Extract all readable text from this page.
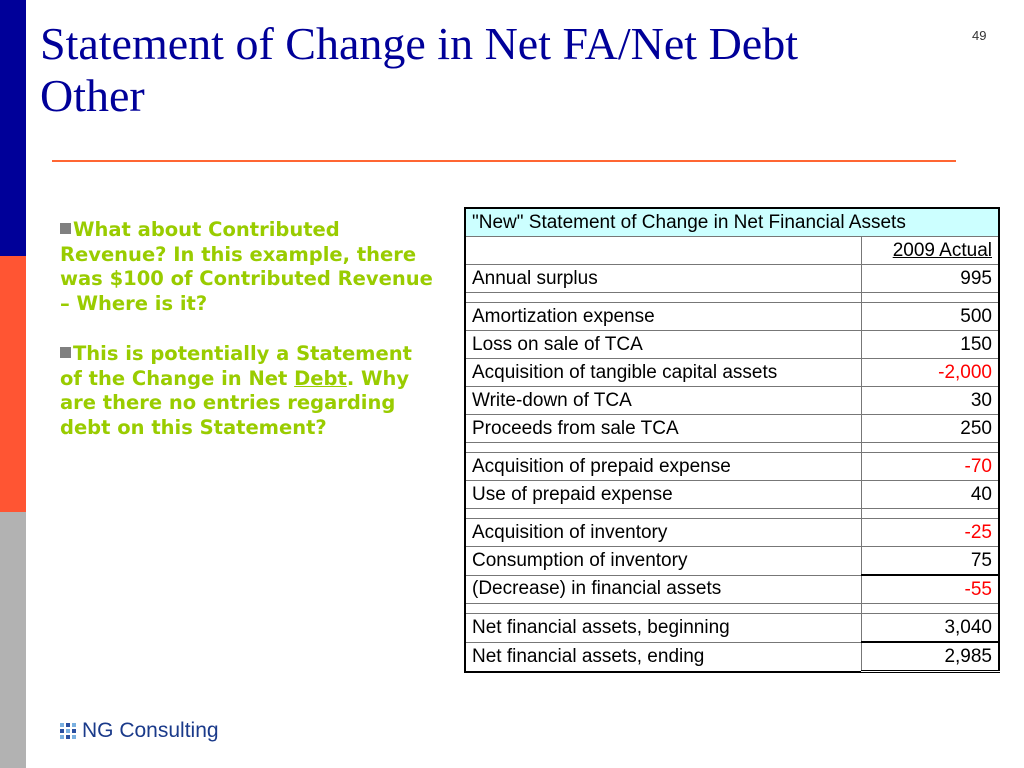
Statement of Change in Net FA/Net Debt
Other
49
What about Contributed Revenue? In this example, there was $100 of Contributed Revenue – Where is it?
This is potentially a Statement of the Change in Net Debt. Why are there no entries regarding debt on this Statement?
"New" Statement of Change in Net Financial Assets	
	2009 Actual
Annual surplus	995

Amortization expense	500
Loss on sale of TCA	150
Acquisition of tangible capital assets	-2,000
Write-down of TCA	30
Proceeds from sale TCA	250

Acquisition of prepaid expense	-70
Use of prepaid expense	40

Acquisition of inventory	-25
Consumption of inventory	75
(Decrease) in financial assets	-55

Net financial assets, beginning	3,040
Net financial assets, ending	2,985
NG Consulting
